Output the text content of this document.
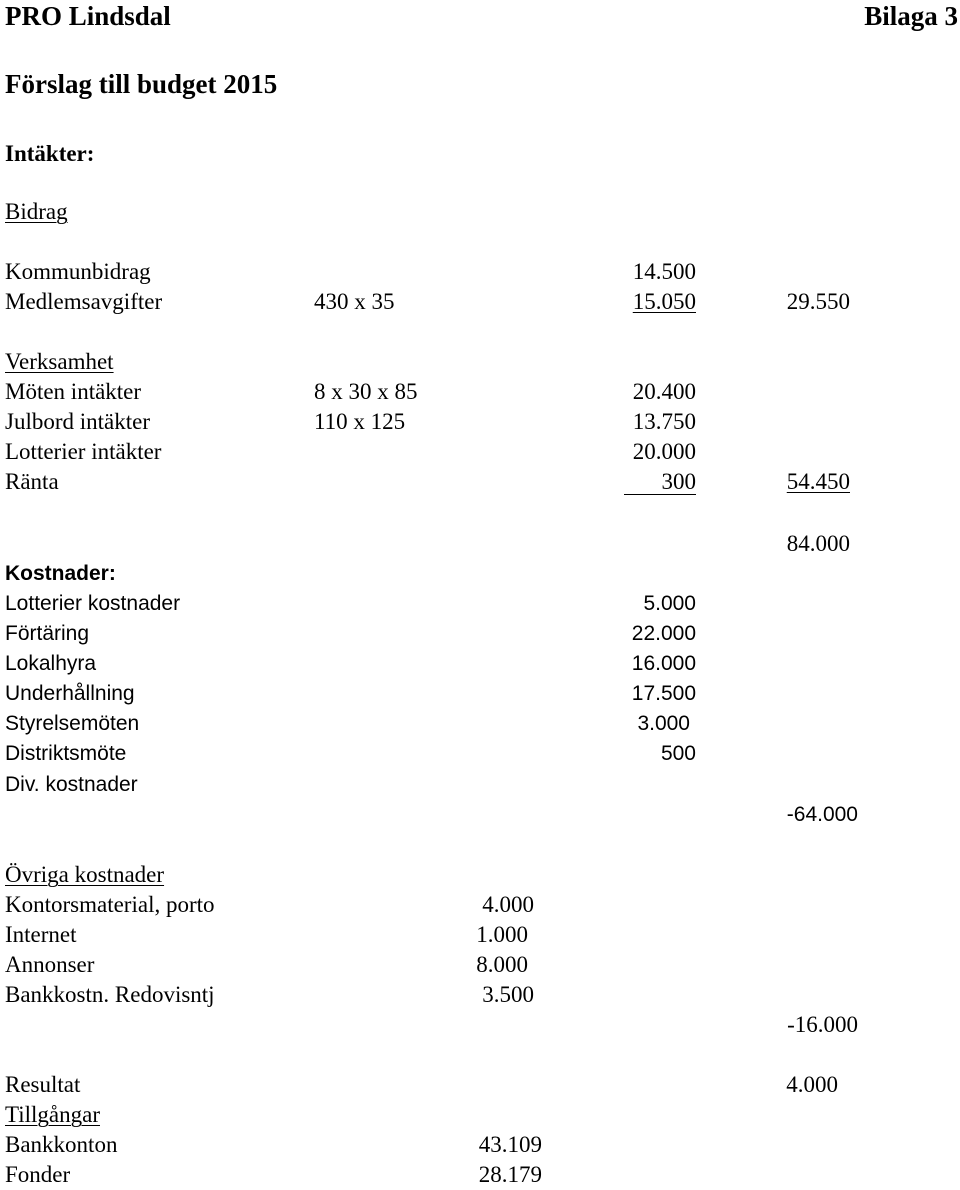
PRO Lindsdal	Bilaga 3
Förslag till budget 2015
Intäkter:
Bidrag
Kommunbidrag	14.500
Medlemsavgifter	430 x 35	15.050	29.550
Verksamhet
Möten intäkter	8 x 30 x 85	20.400
Julbord intäkter	110 x 125	13.750
Lotterier intäkter	20.000
Ränta	300	54.450
84.000
Kostnader:
Lotterier kostnader	5.000
Förtäring	22.000
Lokalhyra	16.000
Underhållning	17.500
Styrelsemöten	3.000
Distriktsmöte	500
Div. kostnader
-64.000
Övriga kostnader
Kontorsmaterial, porto	4.000
Internet	1.000
Annonser	8.000
Bankkostn. Redovisntj	3.500
-16.000
Resultat	4.000
Tillgångar
Bankkonton	43.109
Fonder	28.179
